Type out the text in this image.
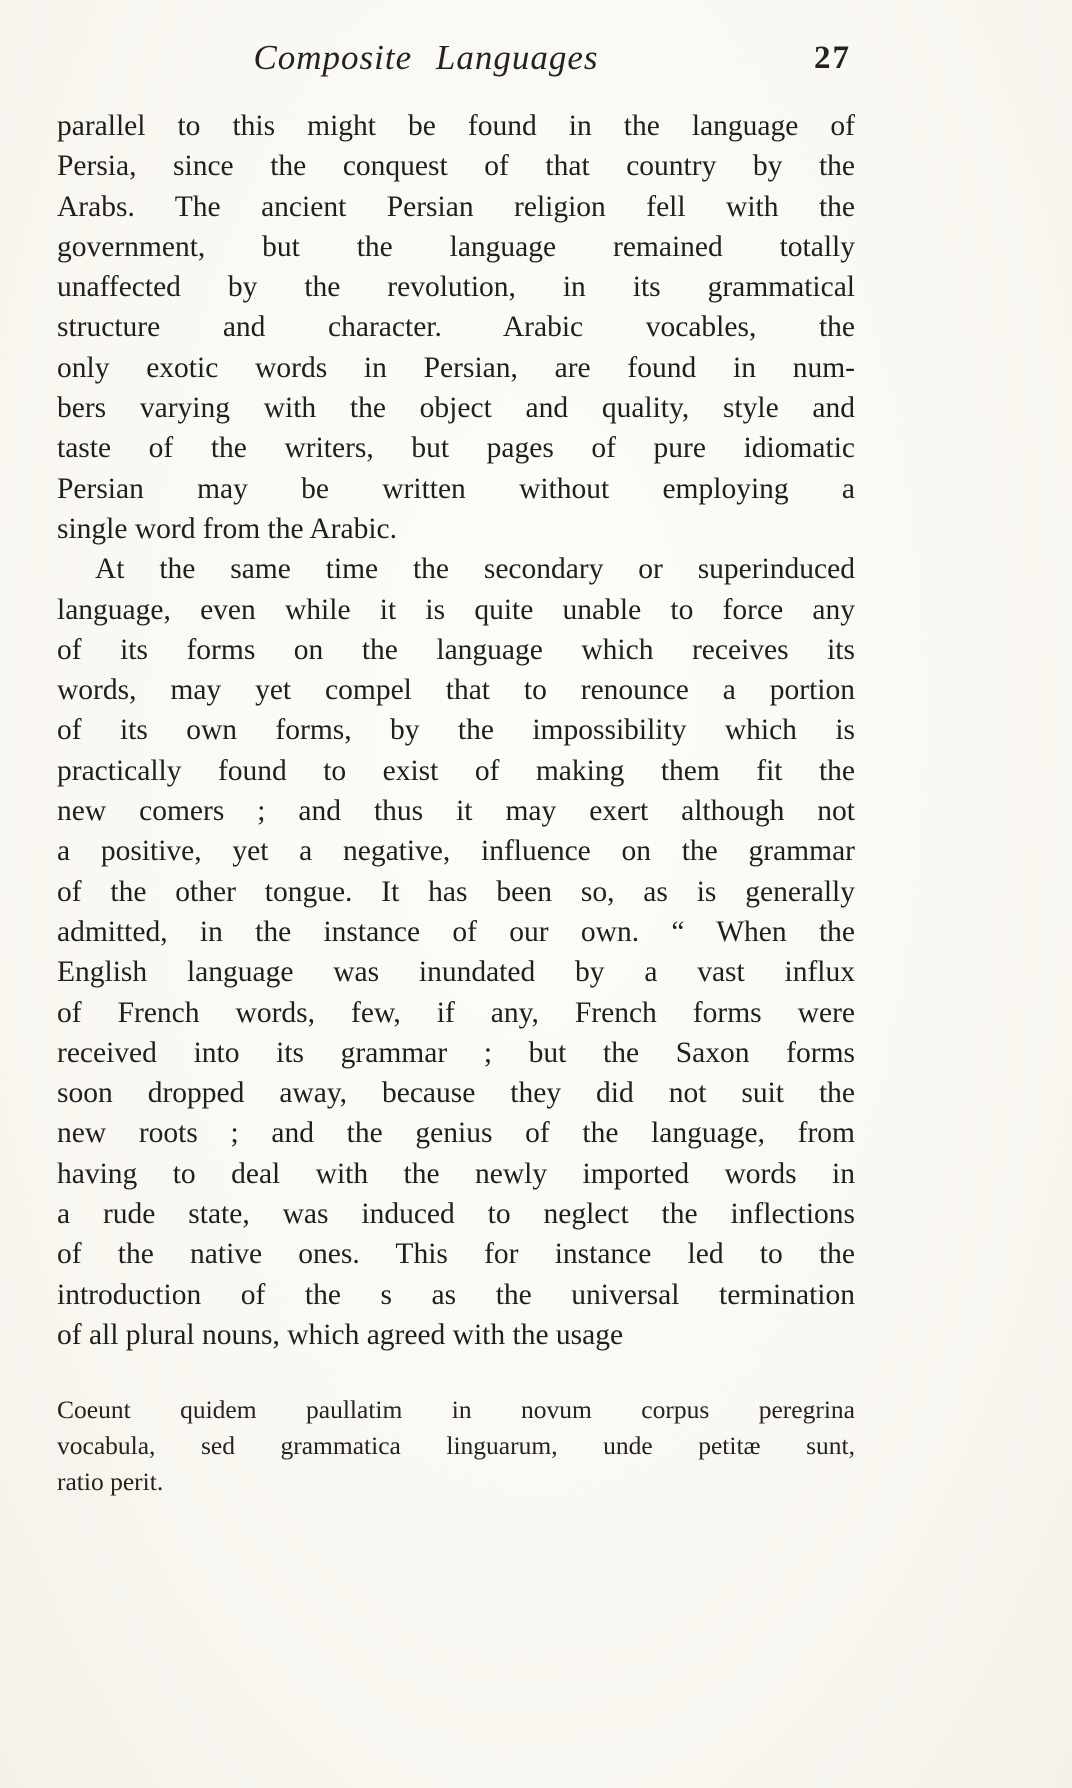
Composite Languages	27
parallel to this might be found in the language of
Persia, since the conquest of that country by the
Arabs. The ancient Persian religion fell with the
government, but the language remained totally
unaffected by the revolution, in its grammatical
structure and character. Arabic vocables, the
only exotic words in Persian, are found in num-
bers varying with the object and quality, style and
taste of the writers, but pages of pure idiomatic
Persian may be written without employing a
single word from the Arabic.
At the same time the secondary or superinduced
language, even while it is quite unable to force any
of its forms on the language which receives its
words, may yet compel that to renounce a portion
of its own forms, by the impossibility which is
practically found to exist of making them fit the
new comers ; and thus it may exert although not
a positive, yet a negative, influence on the grammar
of the other tongue. It has been so, as is generally
admitted, in the instance of our own. “ When the
English language was inundated by a vast influx
of French words, few, if any, French forms were
received into its grammar ; but the Saxon forms
soon dropped away, because they did not suit the
new roots ; and the genius of the language, from
having to deal with the newly imported words in
a rude state, was induced to neglect the inflections
of the native ones. This for instance led to the
introduction of the s as the universal termination
of all plural nouns, which agreed with the usage
Coeunt quidem paullatim in novum corpus peregrina
vocabula, sed grammatica linguarum, unde petitæ sunt,
ratio perit.
